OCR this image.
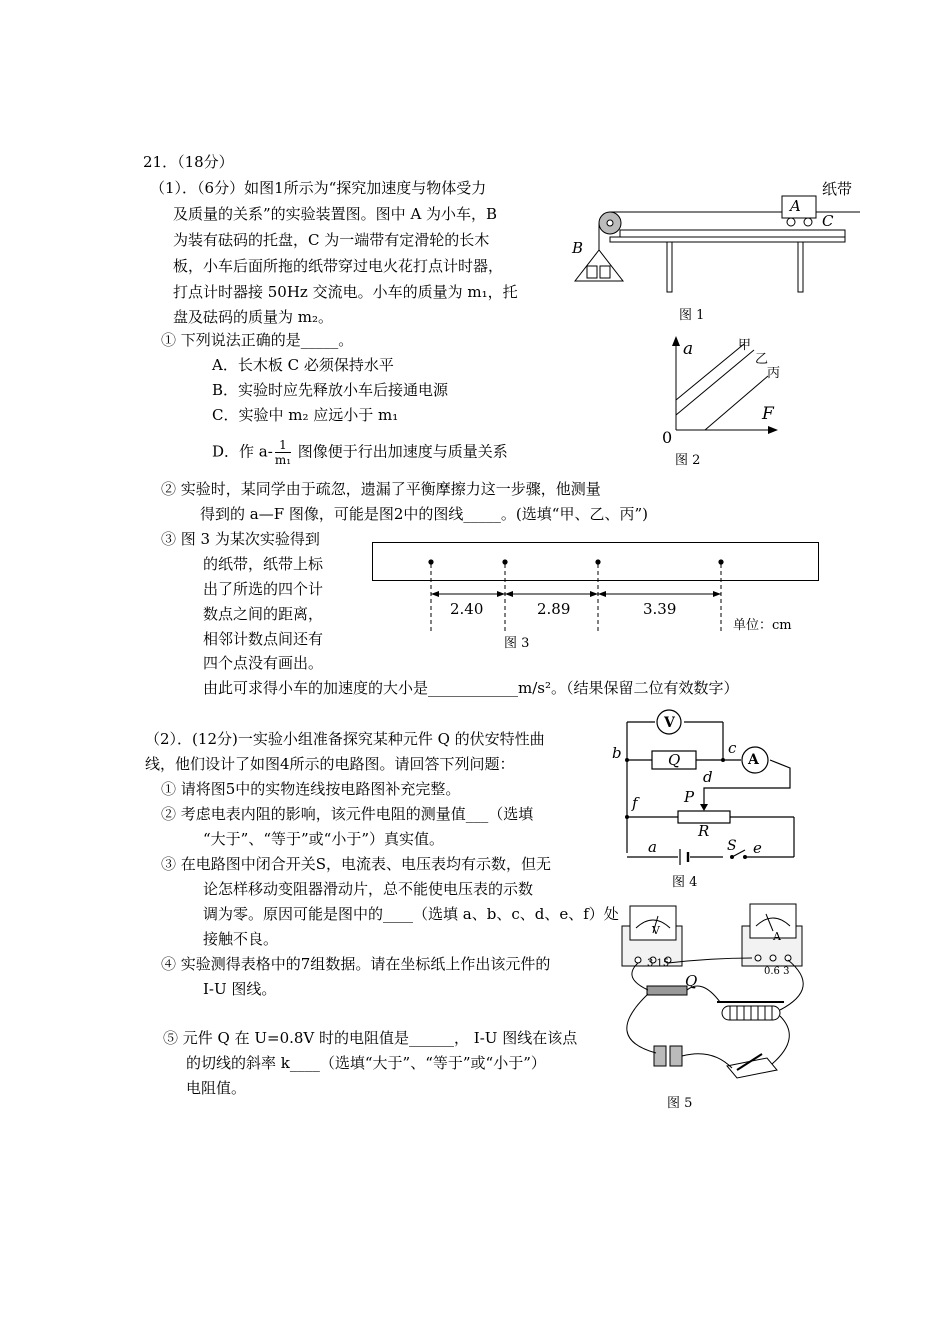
21．（18分）
（1）．（6分）如图1所示为“探究加速度与物体受力
及质量的关系”的实验装置图。图中 A 为小车，B
为装有砝码的托盘，C 为一端带有定滑轮的长木
板，小车后面所拖的纸带穿过电火花打点计时器，
打点计时器接 50Hz 交流电。小车的质量为 m₁，托
盘及砝码的质量为 m₂。
① 下列说法正确的是_____。
A．长木板 C 必须保持水平
B．实验时应先释放小车后接通电源
C．实验中 m₂ 应远小于 m₁
D．作 $a- \frac{1}{\text{m₁}}$ 图像便于行出加速度与质量关系
② 实验时，某同学由于疏忽，遗漏了平衡摩擦力这一步骤，他测量
得到的 a—F 图像，可能是图2中的图线_____。(选填“甲、乙、丙”)
③ 图 3 为某次实验得到
的纸带，纸带上标
出了所选的四个计
数点之间的距离，
相邻计数点间还有
四个点没有画出。
由此可求得小车的加速度的大小是____________m/s²。（结果保留二位有效数字）
（2）．(12分)一实验小组准备探究某种元件 Q 的伏安特性曲
线，他们设计了如图4所示的电路图。请回答下列问题：
① 请将图5中的实物连线按电路图补充完整。
② 考虑电表内阻的影响，该元件电阻的测量值___（选填
“大于”、“等于”或“小于”）真实值。
③ 在电路图中闭合开关S，电流表、电压表均有示数，但无
论怎样移动变阻器滑动片，总不能使电压表的示数
调为零。原因可能是图中的____（选填 a、b、c、d、e、f）处
接触不良。
④ 实验测得表格中的7组数据。请在坐标纸上作出该元件的
I-U 图线。
⑤ 元件 Q 在 U=0.8V 时的电阻值是______， I-U 图线在该点
的切线的斜率 k____（选填“大于”、“等于”或“小于”）
电阻值。
纸带
A
C
B
图 1
a
F
0
甲
乙
丙
图 2
2.40	2.89	3.39
单位：cm
图 3
V
Q	A
P
R
S
a
b	c
d
e
f
图 4
V	A
3 15
0.6 3
Q
图 5
